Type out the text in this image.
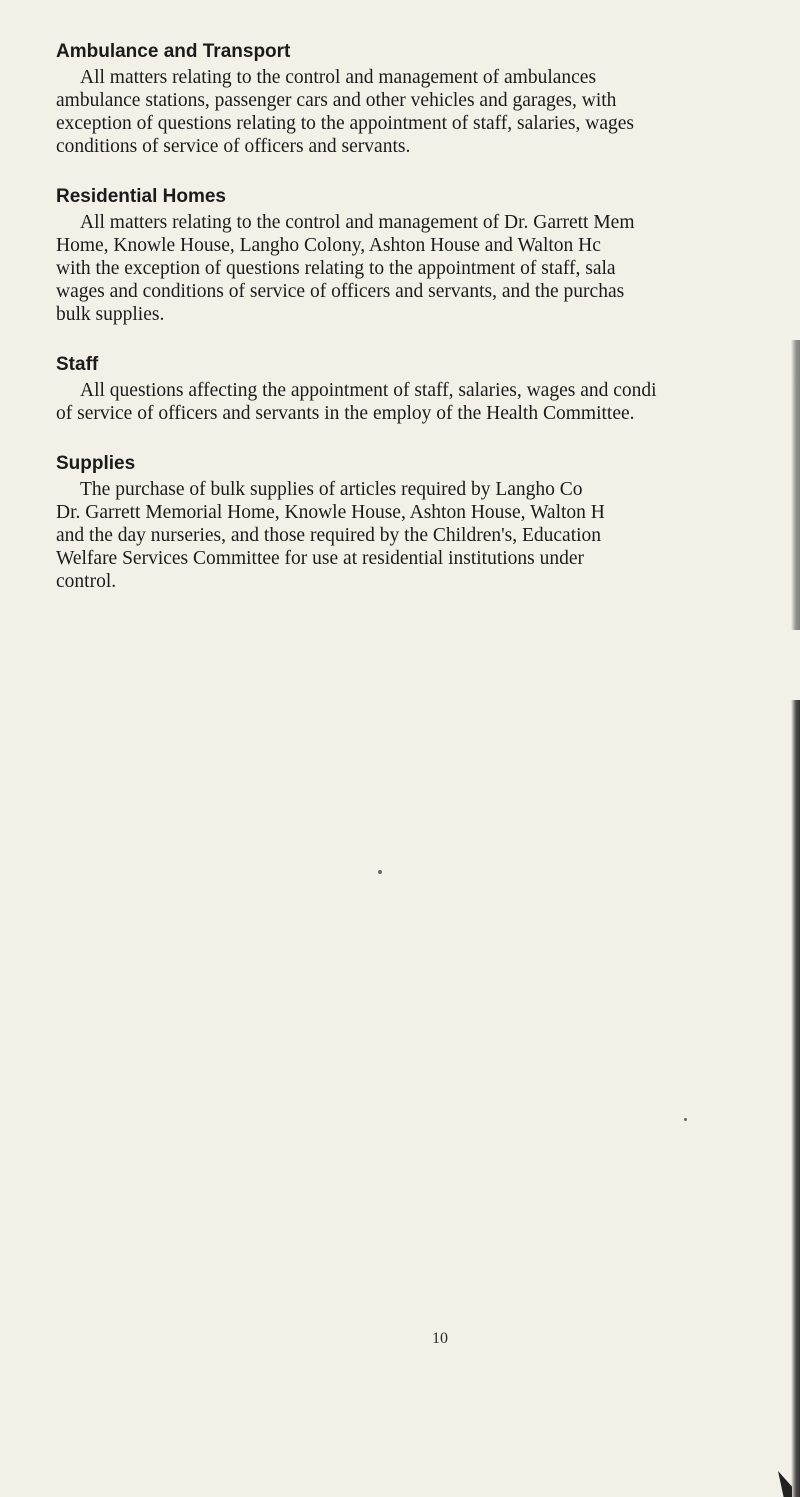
Ambulance and Transport
All matters relating to the control and management of ambulances
ambulance stations, passenger cars and other vehicles and garages, with
exception of questions relating to the appointment of staff, salaries, wages
conditions of service of officers and servants.
Residential Homes
All matters relating to the control and management of Dr. Garrett Mem
Home, Knowle House, Langho Colony, Ashton House and Walton Hc
with the exception of questions relating to the appointment of staff, sala
wages and conditions of service of officers and servants, and the purchas
bulk supplies.
Staff
All questions affecting the appointment of staff, salaries, wages and condi
of service of officers and servants in the employ of the Health Committee.
Supplies
The purchase of bulk supplies of articles required by Langho Co
Dr. Garrett Memorial Home, Knowle House, Ashton House, Walton H
and the day nurseries, and those required by the Children's, Education
Welfare Services Committee for use at residential institutions under
control.
10
